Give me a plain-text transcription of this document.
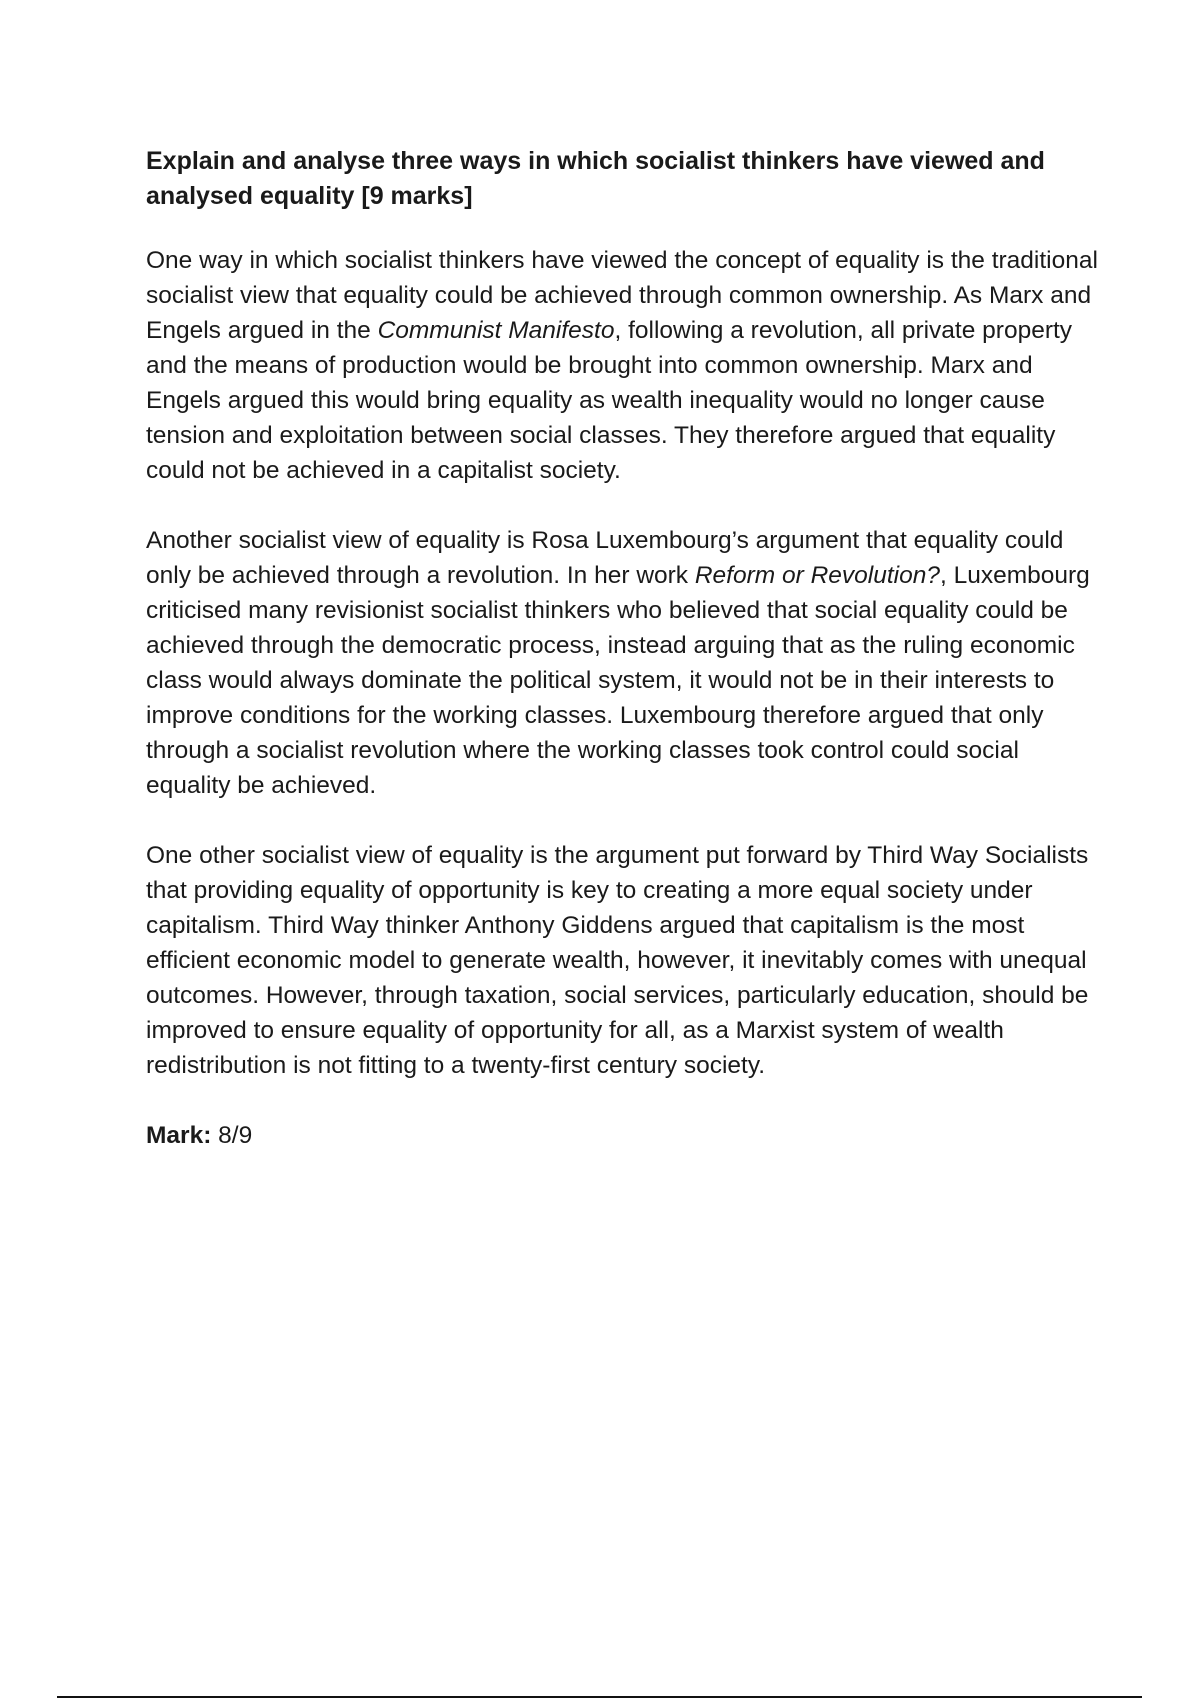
Explain and analyse three ways in which socialist thinkers have viewed and analysed equality [9 marks]

One way in which socialist thinkers have viewed the concept of equality is the traditional socialist view that equality could be achieved through common ownership. As Marx and Engels argued in the Communist Manifesto, following a revolution, all private property and the means of production would be brought into common ownership. Marx and Engels argued this would bring equality as wealth inequality would no longer cause tension and exploitation between social classes. They therefore argued that equality could not be achieved in a capitalist society.

Another socialist view of equality is Rosa Luxembourg’s argument that equality could only be achieved through a revolution. In her work Reform or Revolution?, Luxembourg criticised many revisionist socialist thinkers who believed that social equality could be achieved through the democratic process, instead arguing that as the ruling economic class would always dominate the political system, it would not be in their interests to improve conditions for the working classes. Luxembourg therefore argued that only through a socialist revolution where the working classes took control could social equality be achieved.

One other socialist view of equality is the argument put forward by Third Way Socialists that providing equality of opportunity is key to creating a more equal society under capitalism. Third Way thinker Anthony Giddens argued that capitalism is the most efficient economic model to generate wealth, however, it inevitably comes with unequal outcomes. However, through taxation, social services, particularly education, should be improved to ensure equality of opportunity for all, as a Marxist system of wealth redistribution is not fitting to a twenty-first century society.

Mark: 8/9
